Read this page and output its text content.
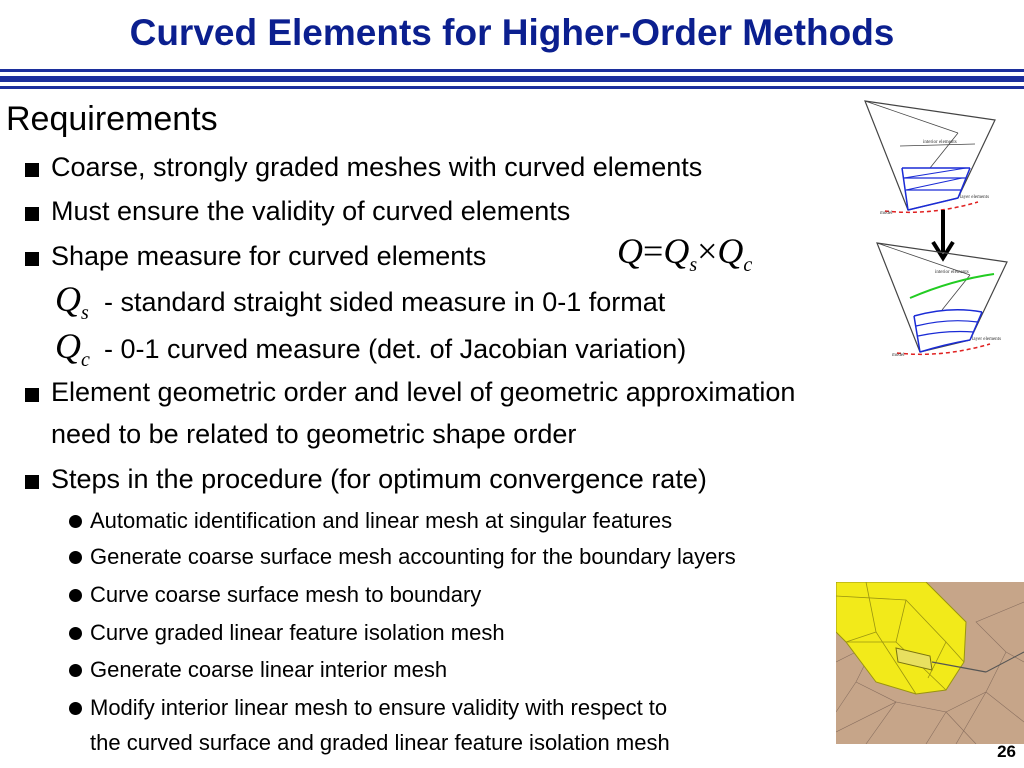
Curved Elements for Higher-Order Methods
Requirements
Coarse, strongly graded meshes with curved elements
Must ensure the validity of curved elements
Shape measure for curved elements	$Q=Q_s\times Q_c$
$Q_s$ - standard straight sided measure in 0-1 format
$Q_c - 0-1$ curved measure (det. of Jacobian variation)
Element geometric order and level of geometric approximation
need to be related to geometric shape order
Steps in the procedure (for optimum convergence rate)
Automatic identification and linear mesh at singular features
Generate coarse surface mesh accounting for the boundary layers
Curve coarse surface mesh to boundary
Curve graded linear feature isolation mesh
Generate coarse linear interior mesh
Modify interior linear mesh to ensure validity with respect to
the curved surface and graded linear feature isolation mesh
interior elements
layer elements
model
interior elements
layer elements
model
26
